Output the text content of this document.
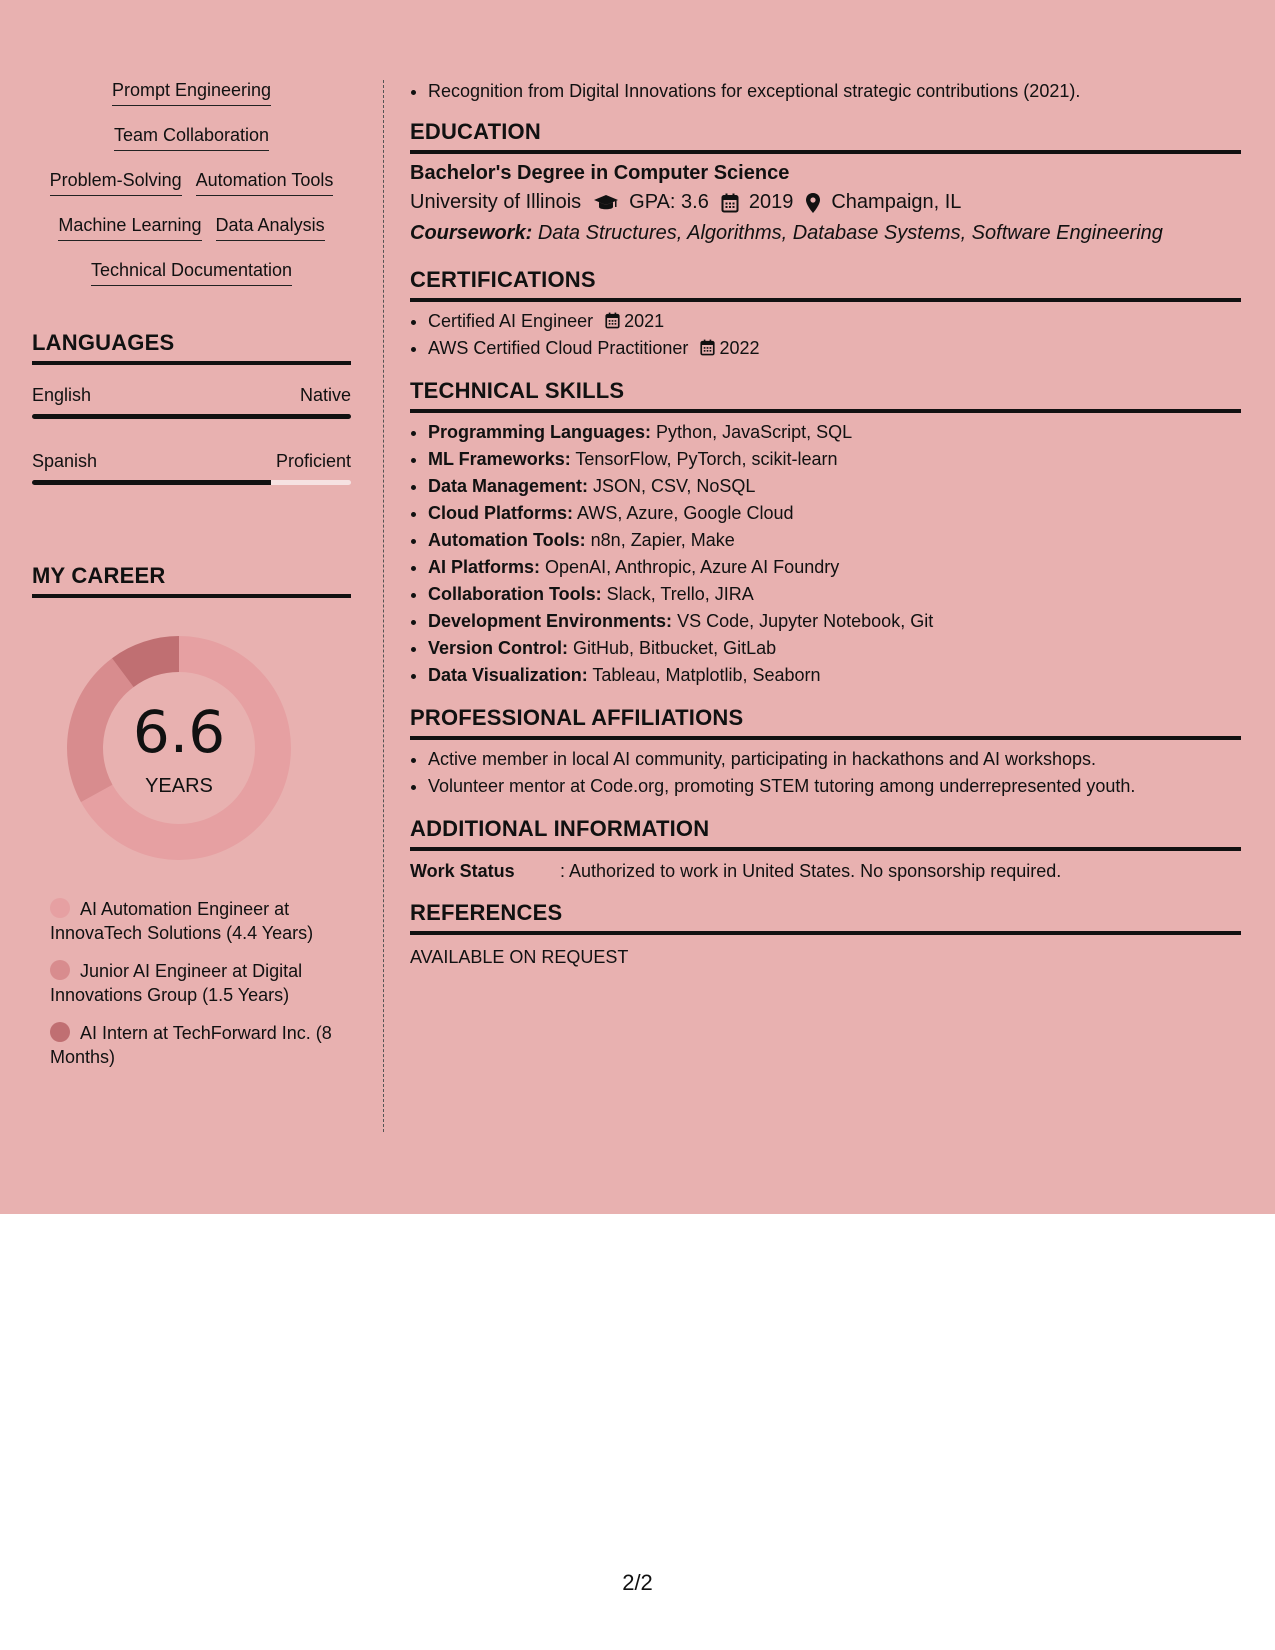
Prompt Engineering
Team Collaboration
Problem-Solving Automation Tools
Machine Learning Data Analysis
Technical Documentation
LANGUAGES
English	Native
Spanish	Proficient
MY CAREER
6.6
YEARS
AI Automation Engineer at InnovaTech Solutions (4.4 Years)
Junior AI Engineer at Digital Innovations Group (1.5 Years)
AI Intern at TechForward Inc. (8 Months)
• Recognition from Digital Innovations for exceptional strategic contributions (2021).
EDUCATION
Bachelor's Degree in Computer Science
University of Illinois GPA: 3.6 2019 Champaign, IL
Coursework: Data Structures, Algorithms, Database Systems, Software Engineering
CERTIFICATIONS
• Certified AI Engineer 2021
• AWS Certified Cloud Practitioner 2022
TECHNICAL SKILLS
• Programming Languages: Python, JavaScript, SQL
• ML Frameworks: TensorFlow, PyTorch, scikit-learn
• Data Management: JSON, CSV, NoSQL
• Cloud Platforms: AWS, Azure, Google Cloud
• Automation Tools: n8n, Zapier, Make
• AI Platforms: OpenAI, Anthropic, Azure AI Foundry
• Collaboration Tools: Slack, Trello, JIRA
• Development Environments: VS Code, Jupyter Notebook, Git
• Version Control: GitHub, Bitbucket, GitLab
• Data Visualization: Tableau, Matplotlib, Seaborn
PROFESSIONAL AFFILIATIONS
• Active member in local AI community, participating in hackathons and AI workshops.
• Volunteer mentor at Code.org, promoting STEM tutoring among underrepresented youth.
ADDITIONAL INFORMATION
Work Status	: Authorized to work in United States. No sponsorship required.
REFERENCES
AVAILABLE ON REQUEST
2/2
